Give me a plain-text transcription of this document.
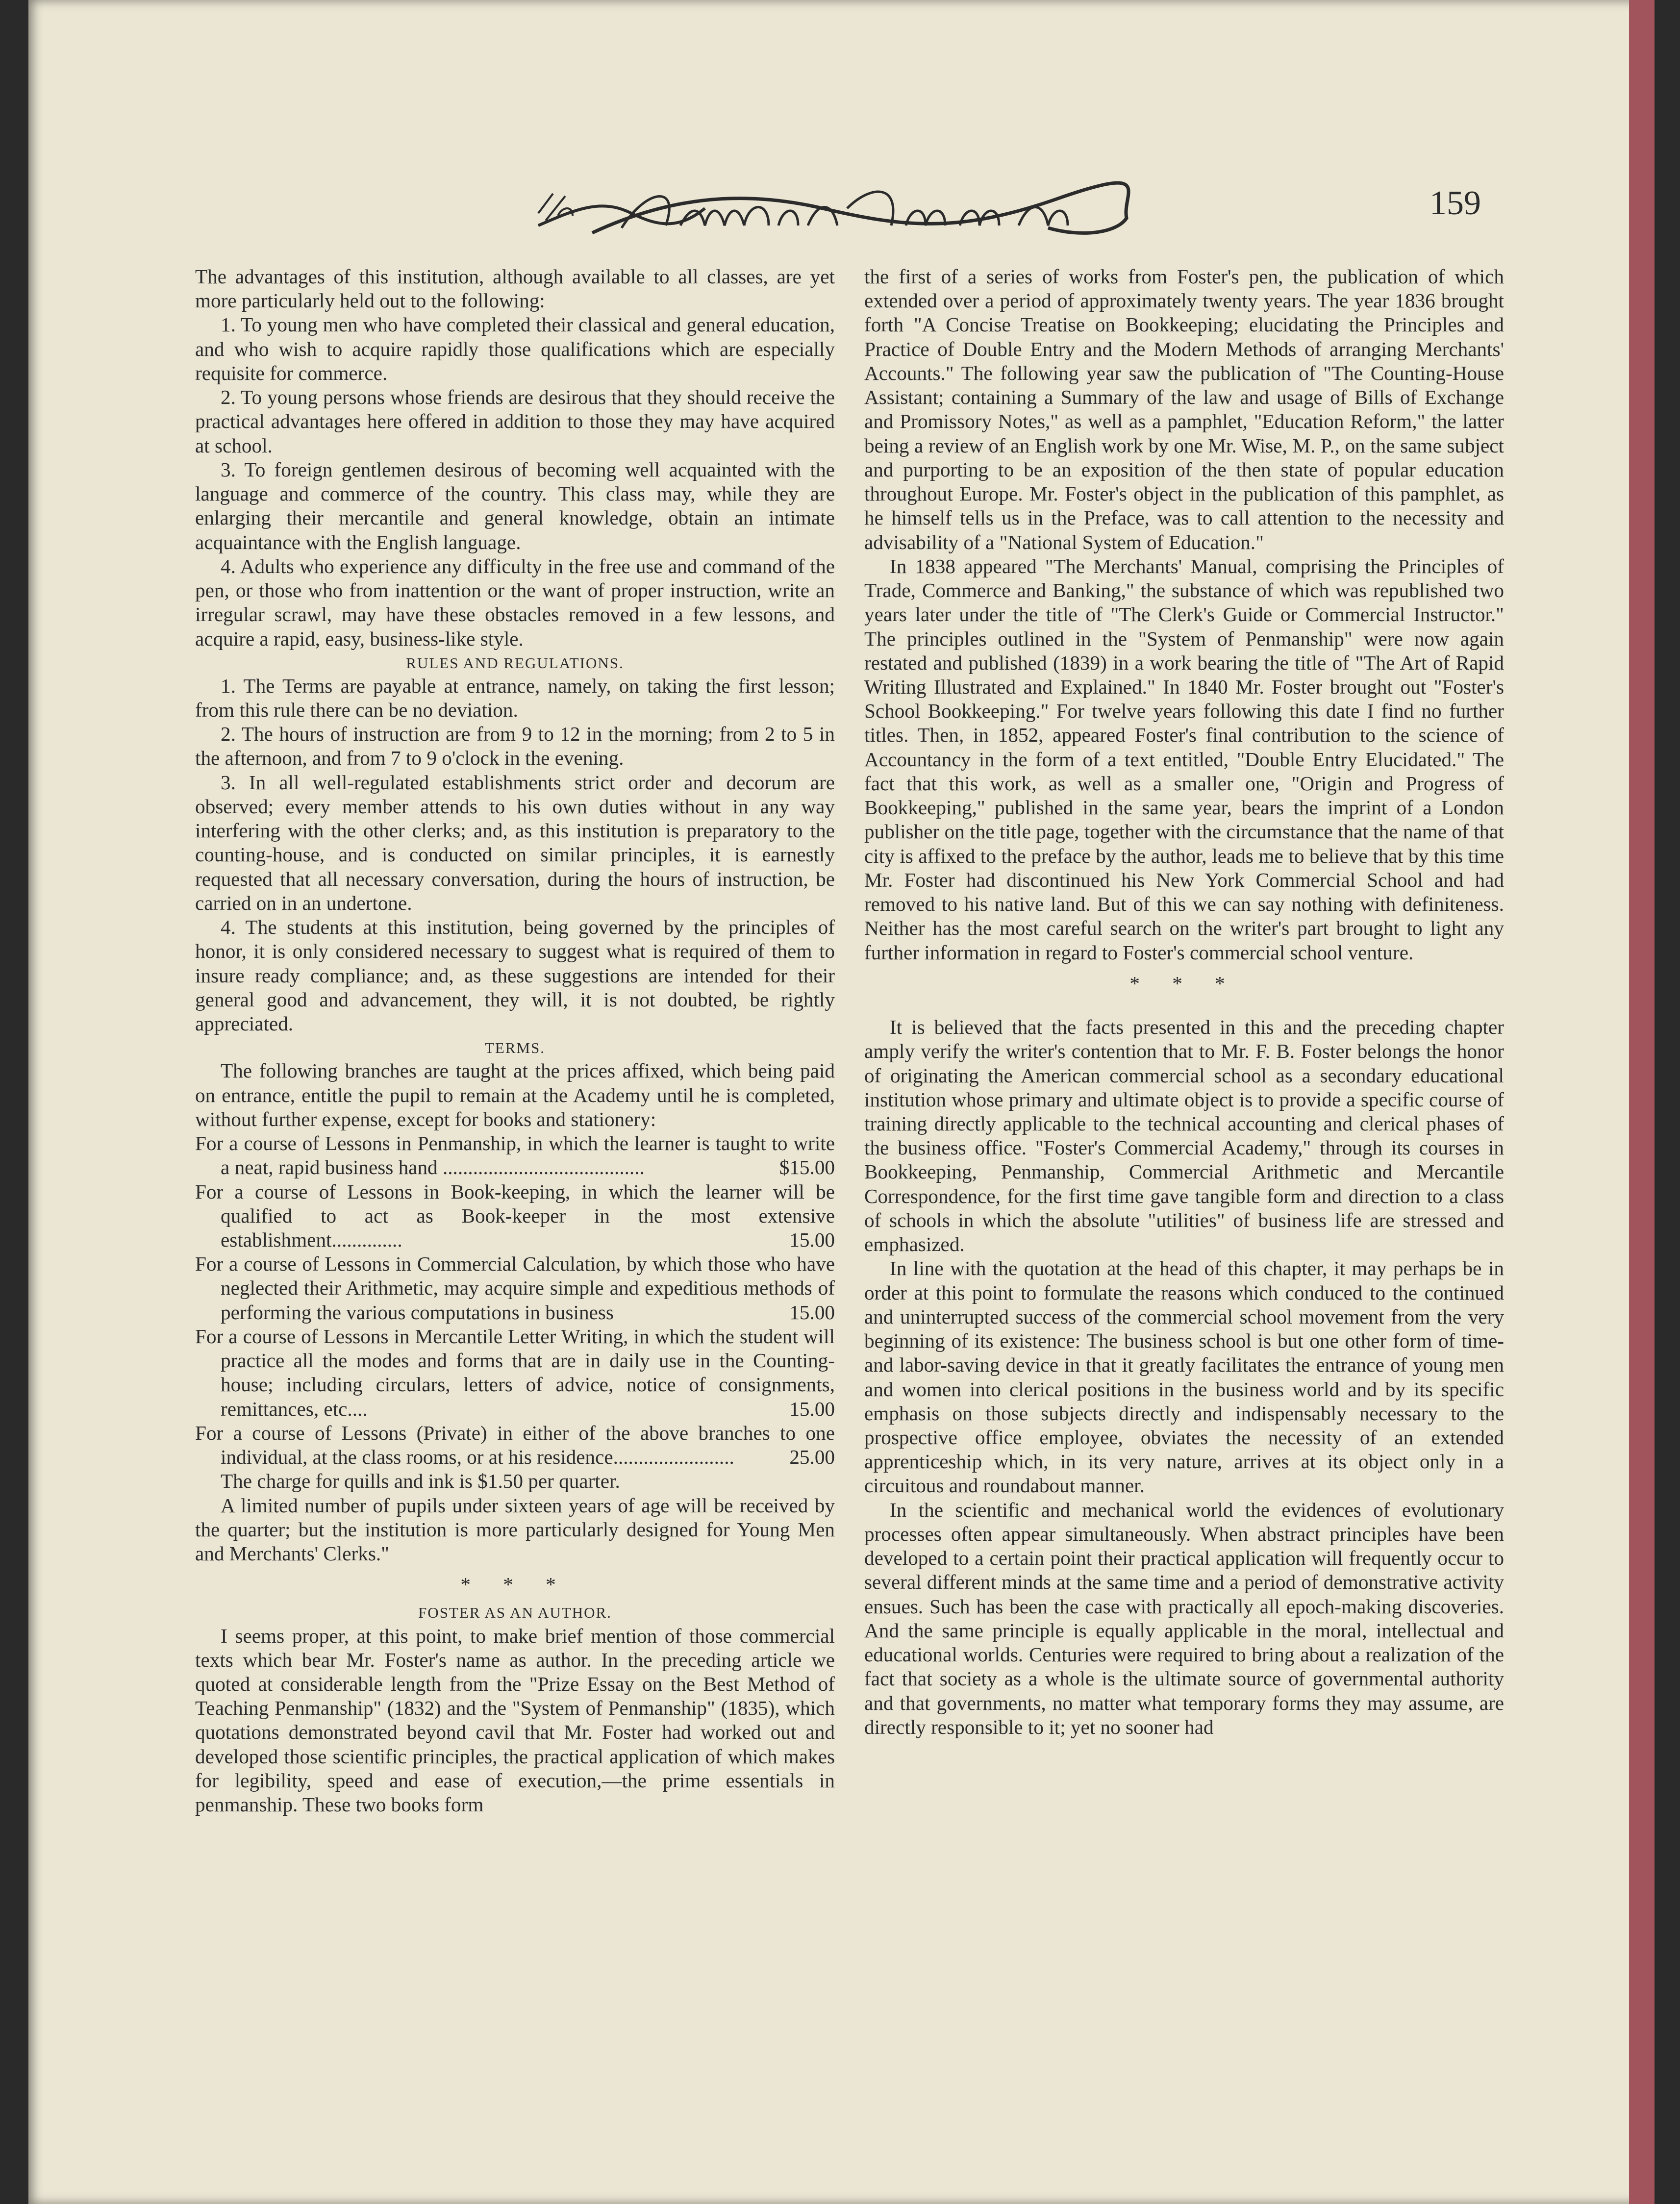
159

The advantages of this institution, although available to all classes, are yet more particularly held out to the following:

1. To young men who have completed their classical and general education, and who wish to acquire rapidly those qualifications which are especially requisite for commerce.

2. To young persons whose friends are desirous that they should receive the practical advantages here offered in addition to those they may have acquired at school.

3. To foreign gentlemen desirous of becoming well acquainted with the language and commerce of the country. This class may, while they are enlarging their mercantile and general knowledge, obtain an intimate acquaintance with the English language.

4. Adults who experience any difficulty in the free use and command of the pen, or those who from inattention or the want of proper instruction, write an irregular scrawl, may have these obstacles removed in a few lessons, and acquire a rapid, easy, business-like style.

RULES AND REGULATIONS.

1. The Terms are payable at entrance, namely, on taking the first lesson; from this rule there can be no deviation.

2. The hours of instruction are from 9 to 12 in the morning; from 2 to 5 in the afternoon, and from 7 to 9 o'clock in the evening.

3. In all well-regulated establishments strict order and decorum are observed; every member attends to his own duties without in any way interfering with the other clerks; and, as this institution is preparatory to the counting-house, and is conducted on similar principles, it is earnestly requested that all necessary conversation, during the hours of instruction, be carried on in an undertone.

4. The students at this institution, being governed by the principles of honor, it is only considered necessary to suggest what is required of them to insure ready compliance; and, as these suggestions are intended for their general good and advancement, they will, it is not doubted, be rightly appreciated.

TERMS.

The following branches are taught at the prices affixed, which being paid on entrance, entitle the pupil to remain at the Academy until he is completed, without further expense, except for books and stationery:

For a course of Lessons in Penmanship, in which the learner is taught to write a neat, rapid business hand ........................................	$15.00
For a course of Lessons in Book-keeping, in which the learner will be qualified to act as Book-keeper in the most extensive establishment..............	15.00
For a course of Lessons in Commercial Calculation, by which those who have neglected their Arithmetic, may acquire simple and expeditious methods of performing the various computations in business	15.00
For a course of Lessons in Mercantile Letter Writing, in which the student will practice all the modes and forms that are in daily use in the Counting-house; including circulars, letters of advice, notice of consignments, remittances, etc....	15.00
For a course of Lessons (Private) in either of the above branches to one individual, at the class rooms, or at his residence........................	25.00

The charge for quills and ink is $1.50 per quarter.

A limited number of pupils under sixteen years of age will be received by the quarter; but the institution is more particularly designed for Young Men and Merchants' Clerks."

* * *

FOSTER AS AN AUTHOR.

I seems proper, at this point, to make brief mention of those commercial texts which bear Mr. Foster's name as author. In the preceding article we quoted at considerable length from the "Prize Essay on the Best Method of Teaching Penmanship" (1832) and the "System of Penmanship" (1835), which quotations demonstrated beyond cavil that Mr. Foster had worked out and developed those scientific principles, the practical application of which makes for legibility, speed and ease of execution,—the prime essentials in penmanship. These two books form

the first of a series of works from Foster's pen, the publication of which extended over a period of approximately twenty years. The year 1836 brought forth "A Concise Treatise on Bookkeeping; elucidating the Principles and Practice of Double Entry and the Modern Methods of arranging Merchants' Accounts." The following year saw the publication of "The Counting-House Assistant; containing a Summary of the law and usage of Bills of Exchange and Promissory Notes," as well as a pamphlet, "Education Reform," the latter being a review of an English work by one Mr. Wise, M. P., on the same subject and purporting to be an exposition of the then state of popular education throughout Europe. Mr. Foster's object in the publication of this pamphlet, as he himself tells us in the Preface, was to call attention to the necessity and advisability of a "National System of Education."

In 1838 appeared "The Merchants' Manual, comprising the Principles of Trade, Commerce and Banking," the substance of which was republished two years later under the title of "The Clerk's Guide or Commercial Instructor." The principles outlined in the "System of Penmanship" were now again restated and published (1839) in a work bearing the title of "The Art of Rapid Writing Illustrated and Explained." In 1840 Mr. Foster brought out "Foster's School Bookkeeping." For twelve years following this date I find no further titles. Then, in 1852, appeared Foster's final contribution to the science of Accountancy in the form of a text entitled, "Double Entry Elucidated." The fact that this work, as well as a smaller one, "Origin and Progress of Bookkeeping," published in the same year, bears the imprint of a London publisher on the title page, together with the circumstance that the name of that city is affixed to the preface by the author, leads me to believe that by this time Mr. Foster had discontinued his New York Commercial School and had removed to his native land. But of this we can say nothing with definiteness. Neither has the most careful search on the writer's part brought to light any further information in regard to Foster's commercial school venture.

* * *

It is believed that the facts presented in this and the preceding chapter amply verify the writer's contention that to Mr. F. B. Foster belongs the honor of originating the American commercial school as a secondary educational institution whose primary and ultimate object is to provide a specific course of training directly applicable to the technical accounting and clerical phases of the business office. "Foster's Commercial Academy," through its courses in Bookkeeping, Penmanship, Commercial Arithmetic and Mercantile Correspondence, for the first time gave tangible form and direction to a class of schools in which the absolute "utilities" of business life are stressed and emphasized.

In line with the quotation at the head of this chapter, it may perhaps be in order at this point to formulate the reasons which conduced to the continued and uninterrupted success of the commercial school movement from the very beginning of its existence: The business school is but one other form of time- and labor-saving device in that it greatly facilitates the entrance of young men and women into clerical positions in the business world and by its specific emphasis on those subjects directly and indispensably necessary to the prospective office employee, obviates the necessity of an extended apprenticeship which, in its very nature, arrives at its object only in a circuitous and roundabout manner.

In the scientific and mechanical world the evidences of evolutionary processes often appear simultaneously. When abstract principles have been developed to a certain point their practical application will frequently occur to several different minds at the same time and a period of demonstrative activity ensues. Such has been the case with practically all epoch-making discoveries. And the same principle is equally applicable in the moral, intellectual and educational worlds. Centuries were required to bring about a realization of the fact that society as a whole is the ultimate source of governmental authority and that governments, no matter what temporary forms they may assume, are directly responsible to it; yet no sooner had
